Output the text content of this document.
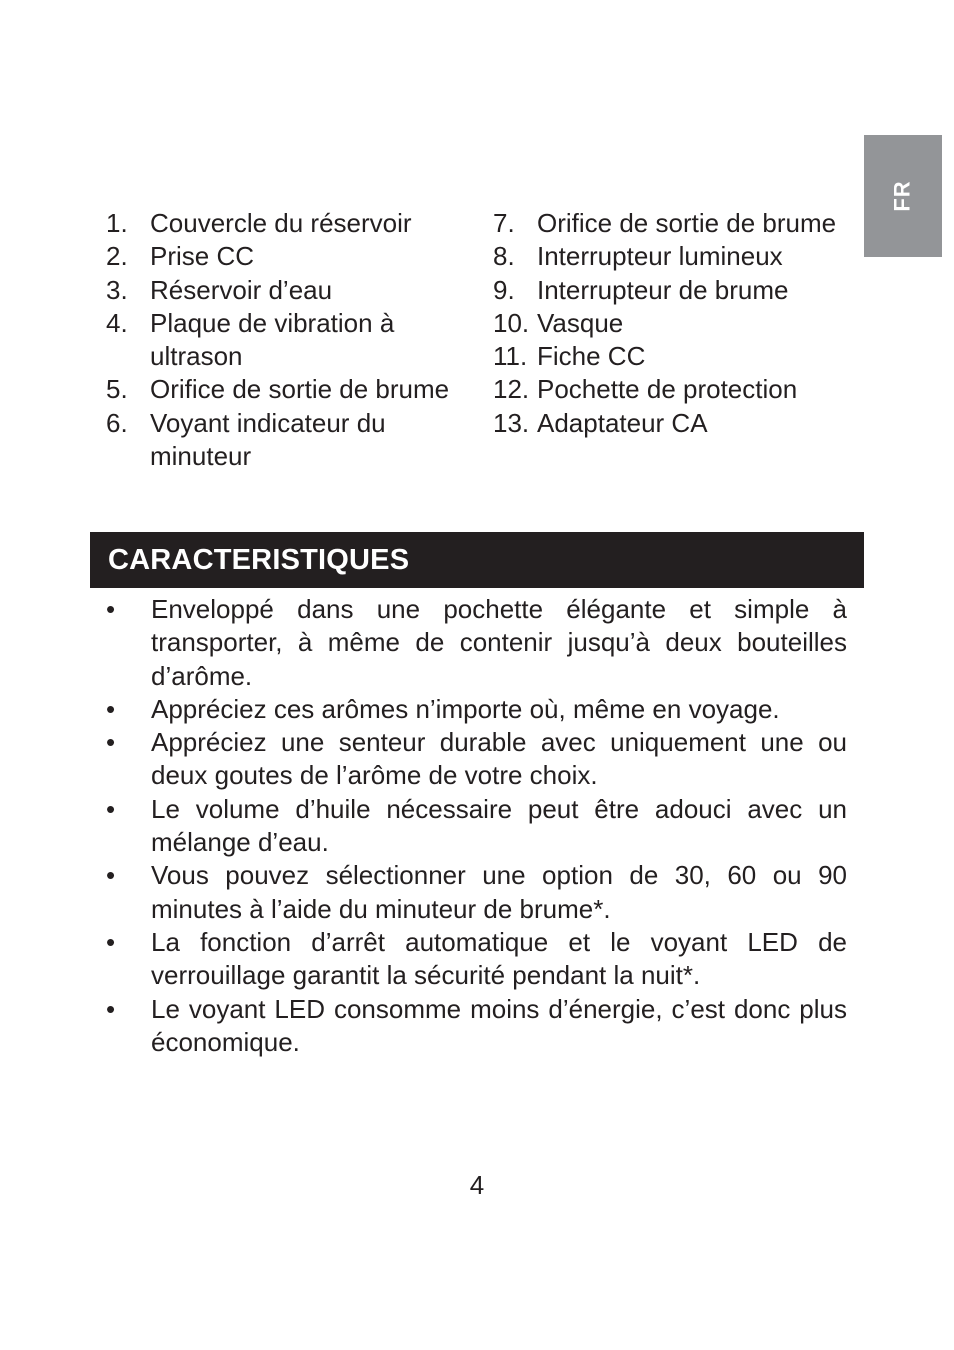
FR
1. Couvercle du réservoir
2. Prise CC
3. Réservoir d’eau
4. Plaque de vibration à ultrason
5. Orifice de sortie de brume
6. Voyant indicateur du minuteur
7. Orifice de sortie de brume
8. Interrupteur lumineux
9. Interrupteur de brume
10. Vasque
11. Fiche CC
12. Pochette de protection
13. Adaptateur CA
CARACTERISTIQUES
•	Enveloppé dans une pochette élégante et simple à transporter, à même de contenir jusqu’à deux bouteilles d’arôme.
•	Appréciez ces arômes n’importe où, même en voyage.
•	Appréciez une senteur durable avec uniquement une ou deux goutes de l’arôme de votre choix.
•	Le volume d’huile nécessaire peut être adouci avec un mélange d’eau.
•	Vous pouvez sélectionner une option de 30, 60 ou 90 minutes à l’aide du minuteur de brume*.
•	La fonction d’arrêt automatique et le voyant LED de verrouillage garantit la sécurité pendant la nuit*.
•	Le voyant LED consomme moins d’énergie, c’est donc plus économique.
4
